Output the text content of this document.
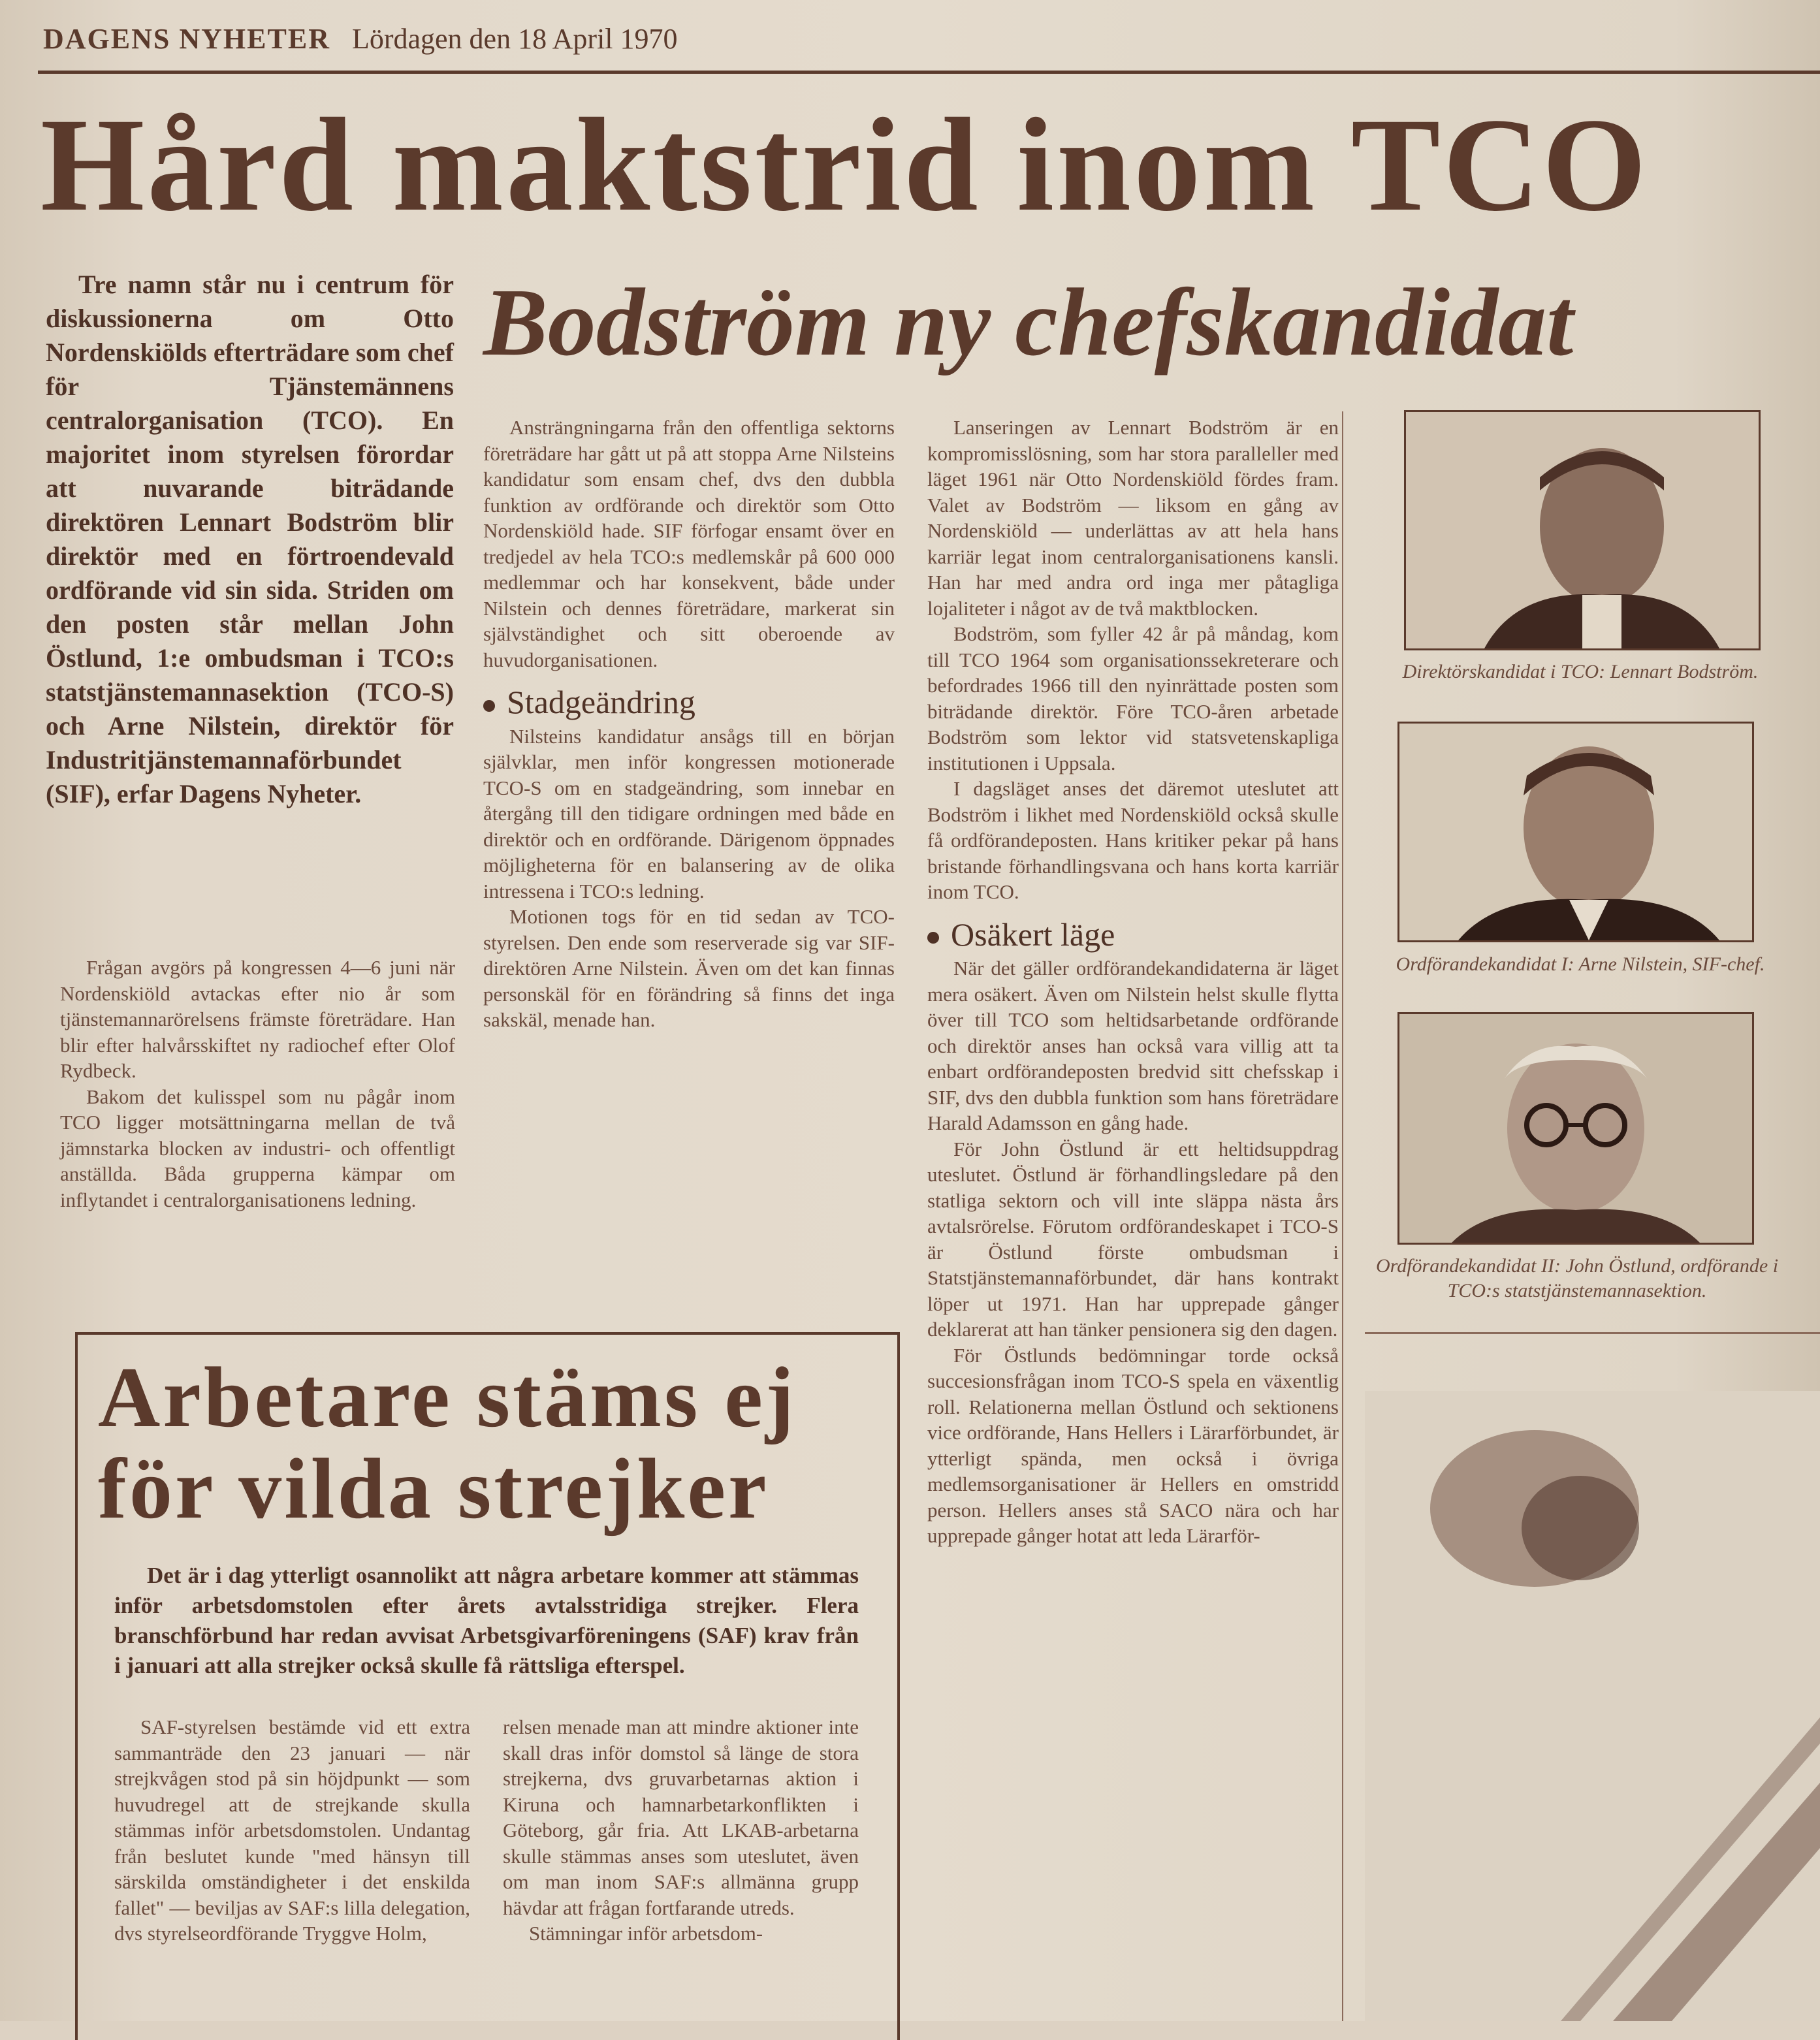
DAGENS NYHETER Lördagen den 18 April 1970
Hård maktstrid inom TCO
Bodström ny chefskandidat

Tre namn står nu i centrum för diskussionerna om Otto Nordenskiölds efterträdare som chef för Tjänstemännens centralorganisation (TCO). En majoritet inom styrelsen förordar att nuvarande biträdande direktören Lennart Bodström blir direktör med en förtroendevald ordförande vid sin sida. Striden om den posten står mellan John Östlund, 1:e ombudsman i TCO:s statstjänstemannasektion (TCO-S) och Arne Nilstein, direktör för Industritjänstemannaförbundet (SIF), erfar Dagens Nyheter.

Frågan avgörs på kongressen 4—6 juni när Nordenskiöld avtackas efter nio år som tjänstemannarörelsens främste företrädare. Han blir efter halvårsskiftet ny radiochef efter Olof Rydbeck.

Bakom det kulisspel som nu pågår inom TCO ligger motsättningarna mellan de två jämnstarka blocken av industri- och offentligt anställda. Båda grupperna kämpar om inflytandet i centralorganisationens ledning.

Ansträngningarna från den offentliga sektorns företrädare har gått ut på att stoppa Arne Nilsteins kandidatur som ensam chef, dvs den dubbla funktion av ordförande och direktör som Otto Nordenskiöld hade. SIF förfogar ensamt över en tredjedel av hela TCO:s medlemskår på 600 000 medlemmar och har konsekvent, både under Nilstein och dennes företrädare, markerat sin självständighet och sitt oberoende av huvudorganisationen.

Stadgeändring

Nilsteins kandidatur ansågs till en början självklar, men inför kongressen motionerade TCO-S om en stadgeändring, som innebar en återgång till den tidigare ordningen med både en direktör och en ordförande. Därigenom öppnades möjligheterna för en balansering av de olika intressena i TCO:s ledning.

Motionen togs för en tid sedan av TCO-styrelsen. Den ende som reserverade sig var SIF-direktören Arne Nilstein. Även om det kan finnas personskäl för en förändring så finns det inga sakskäl, menade han.

Lanseringen av Lennart Bodström är en kompromisslösning, som har stora paralleller med läget 1961 när Otto Nordenskiöld fördes fram. Valet av Bodström — liksom en gång av Nordenskiöld — underlättas av att hela hans karriär legat inom centralorganisationens kansli. Han har med andra ord inga mer påtagliga lojaliteter i något av de två maktblocken.

Bodström, som fyller 42 år på måndag, kom till TCO 1964 som organisationssekreterare och befordrades 1966 till den nyinrättade posten som biträdande direktör. Före TCO-åren arbetade Bodström som lektor vid statsvetenskapliga institutionen i Uppsala.

I dagsläget anses det däremot uteslutet att Bodström i likhet med Nordenskiöld också skulle få ordförandeposten. Hans kritiker pekar på hans bristande förhandlingsvana och hans korta karriär inom TCO.

Osäkert läge

När det gäller ordförandekandidaterna är läget mera osäkert. Även om Nilstein helst skulle flytta över till TCO som heltidsarbetande ordförande och direktör anses han också vara villig att ta enbart ordförandeposten bredvid sitt chefsskap i SIF, dvs den dubbla funktion som hans företrädare Harald Adamsson en gång hade.

För John Östlund är ett heltidsuppdrag uteslutet. Östlund är förhandlingsledare på den statliga sektorn och vill inte släppa nästa års avtalsrörelse. Förutom ordförandeskapet i TCO-S är Östlund förste ombudsman i Statstjänstemannaförbundet, där hans kontrakt löper ut 1971. Han har upprepade gånger deklarerat att han tänker pensionera sig den dagen.

För Östlunds bedömningar torde också succesionsfrågan inom TCO-S spela en växentlig roll. Relationerna mellan Östlund och sektionens vice ordförande, Hans Hellers i Lärarförbundet, är ytterligt spända, men också i övriga medlemsorganisationer är Hellers en omstridd person. Hellers anses stå SACO nära och har upprepade gånger hotat att leda Lärarför-

Direktörskandidat i TCO: Lennart Bodström.
Ordförandekandidat I: Arne Nilstein, SIF-chef.
Ordförandekandidat II: John Östlund, ordförande i TCO:s statstjänstemannasektion.
Arbetare stäms ej
för vilda strejker

Det är i dag ytterligt osannolikt att några arbetare kommer att stämmas inför arbetsdomstolen efter årets avtalsstridiga strejker. Flera branschförbund har redan avvisat Arbetsgivarföreningens (SAF) krav från i januari att alla strejker också skulle få rättsliga efterspel.

SAF-styrelsen bestämde vid ett extra sammanträde den 23 januari — när strejkvågen stod på sin höjdpunkt — som huvudregel att de strejkande skulla stämmas inför arbetsdomstolen. Undantag från beslutet kunde "med hänsyn till särskilda omständigheter i det enskilda fallet" — beviljas av SAF:s lilla delegation, dvs styrelseordförande Tryggve Holm,

relsen menade man att mindre aktioner inte skall dras inför domstol så länge de stora strejkerna, dvs gruvarbetarnas aktion i Kiruna och hamnarbetarkonflikten i Göteborg, går fria. Att LKAB-arbetarna skulle stämmas anses som uteslutet, även om man inom SAF:s allmänna grupp hävdar att frågan fortfarande utreds.

Stämningar inför arbetsdom-
